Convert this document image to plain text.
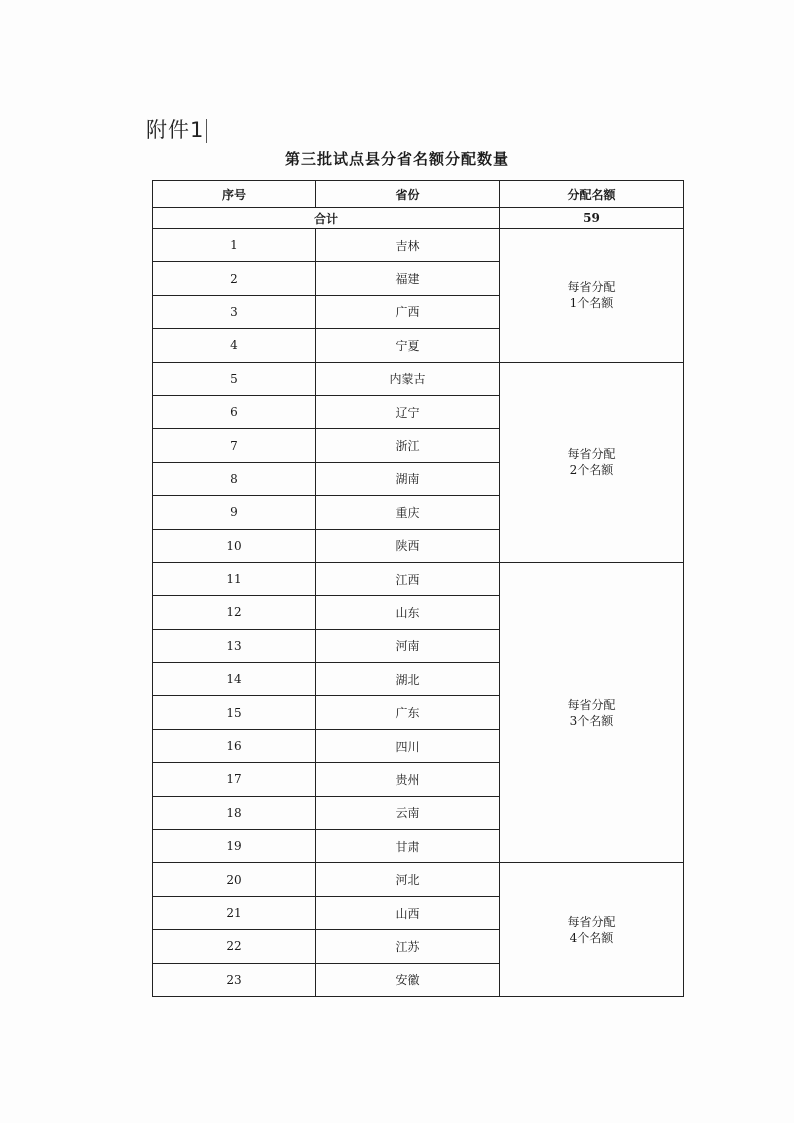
附件1
第三批试点县分省名额分配数量
序号	省份	分配名额
合计		59
1	吉林	每省分配
1个名额

2	福建	
3	广西	
4	宁夏	
5	内蒙古	每省分配
2个名额

6	辽宁	
7	浙江	
8	湖南	
9	重庆	
10	陕西	
11	江西	每省分配
3个名额

12	山东	
13	河南	
14	湖北	
15	广东	
16	四川	
17	贵州	
18	云南	
19	甘肃	
20	河北	每省分配
4个名额

21	山西	
22	江苏	
23	安徽	
